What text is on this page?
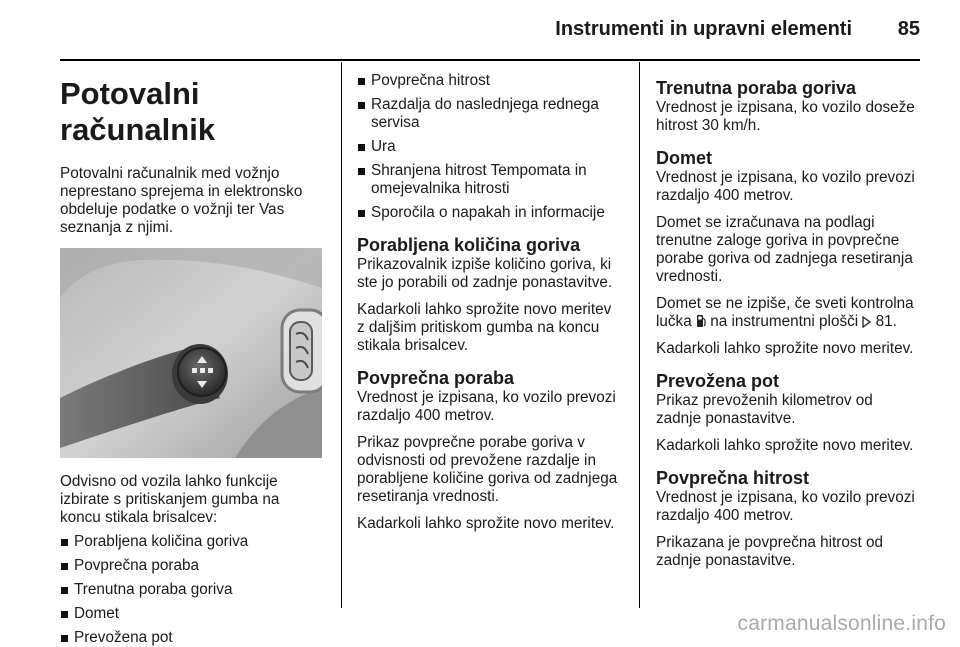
Instrumenti in upravni elementi	85
Potovalni računalnik

Potovalni računalnik med vožnjo neprestano sprejema in elektronsko obdeluje podatke o vožnji ter Vas seznanja z njimi.

Odvisno od vozila lahko funkcije izbirate s pritiskanjem gumba na koncu stikala brisalcev:

Porabljena količina goriva
Povprečna poraba
Trenutna poraba goriva
Domet
Prevožena pot
Povprečna hitrost
Razdalja do naslednjega rednega servisa
Ura
Shranjena hitrost Tempomata in omejevalnika hitrosti
Sporočila o napakah in informacije
Porabljena količina goriva

Prikazovalnik izpiše količino goriva, ki ste jo porabili od zadnje ponastavitve.

Kadarkoli lahko sprožite novo meritev z daljšim pritiskom gumba na koncu stikala brisalcev.

Povprečna poraba

Vrednost je izpisana, ko vozilo prevozi razdaljo 400 metrov.

Prikaz povprečne porabe goriva v odvisnosti od prevožene razdalje in porabljene količine goriva od zadnjega resetiranja vrednosti.

Kadarkoli lahko sprožite novo meritev.

Trenutna poraba goriva

Vrednost je izpisana, ko vozilo doseže hitrost 30 km/h.

Domet

Vrednost je izpisana, ko vozilo prevozi razdaljo 400 metrov.

Domet se izračunava na podlagi trenutne zaloge goriva in povprečne porabe goriva od zadnjega resetiranja vrednosti.

Domet se ne izpiše, če sveti kontrolna lučka na instrumentni plošči 81.

Kadarkoli lahko sprožite novo meritev.

Prevožena pot

Prikaz prevoženih kilometrov od zadnje ponastavitve.

Kadarkoli lahko sprožite novo meritev.

Povprečna hitrost

Vrednost je izpisana, ko vozilo prevozi razdaljo 400 metrov.

Prikazana je povprečna hitrost od zadnje ponastavitve.

carmanualsonline.info
